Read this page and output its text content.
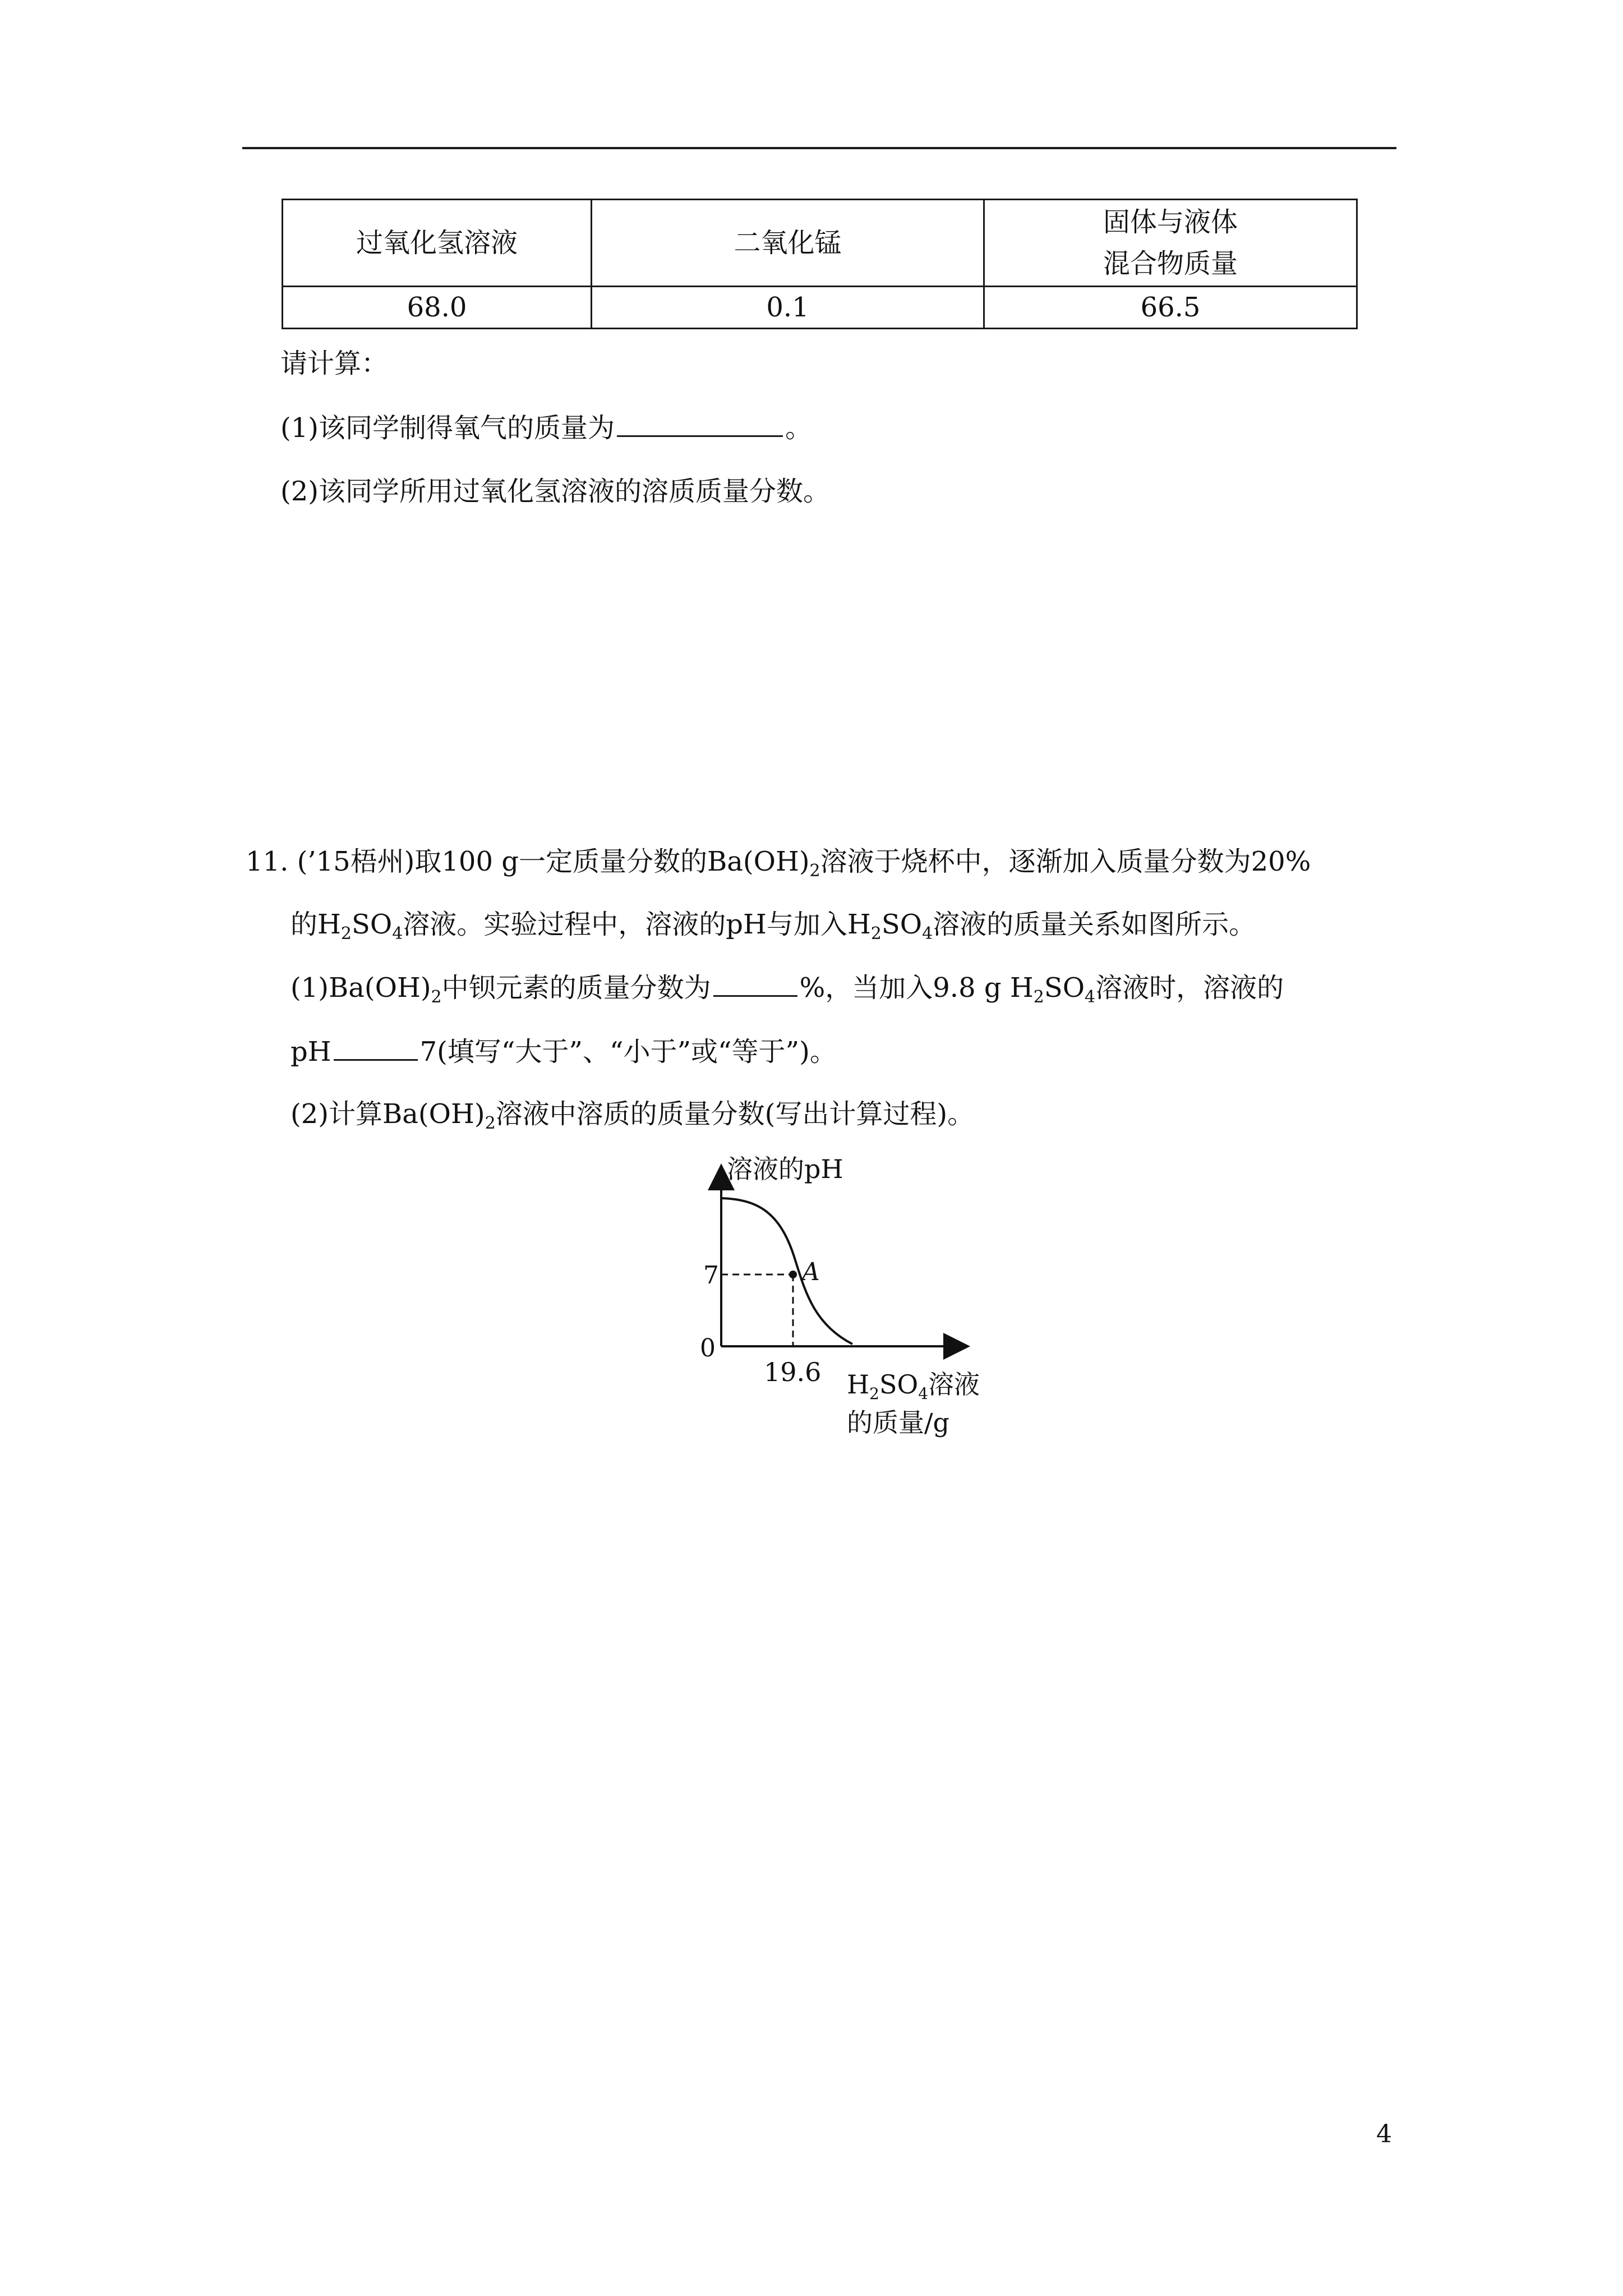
过氧化氢溶液	二氧化锰	固体与液体
混合物质量
68.0	0.1	66.5
请计算：
(1)该同学制得氧气的质量为	。
(2)该同学所用过氧化氢溶液的溶质质量分数。
11. (’15梧州)取100 g一定质量分数的$Ba(OH)_2$溶液于烧杯中，逐渐加入质量分数为20%
的$H_2SO_4$溶液。实验过程中，溶液的pH与加入$H_2SO_4$溶液的质量关系如图所示。
$(1)Ba(OH)_2$中钡元素的质量分数为	%，当加入9.8 g $H_2SO_4$溶液时，溶液的
pH	7(填写“大于”、“小于”或“等于”)。
(2)计算$Ba(OH)_2$溶液中溶质的质量分数(写出计算过程)。
A
7
0
19.6
溶液的pH
$H_2SO_4$溶液
的质量/g
4
